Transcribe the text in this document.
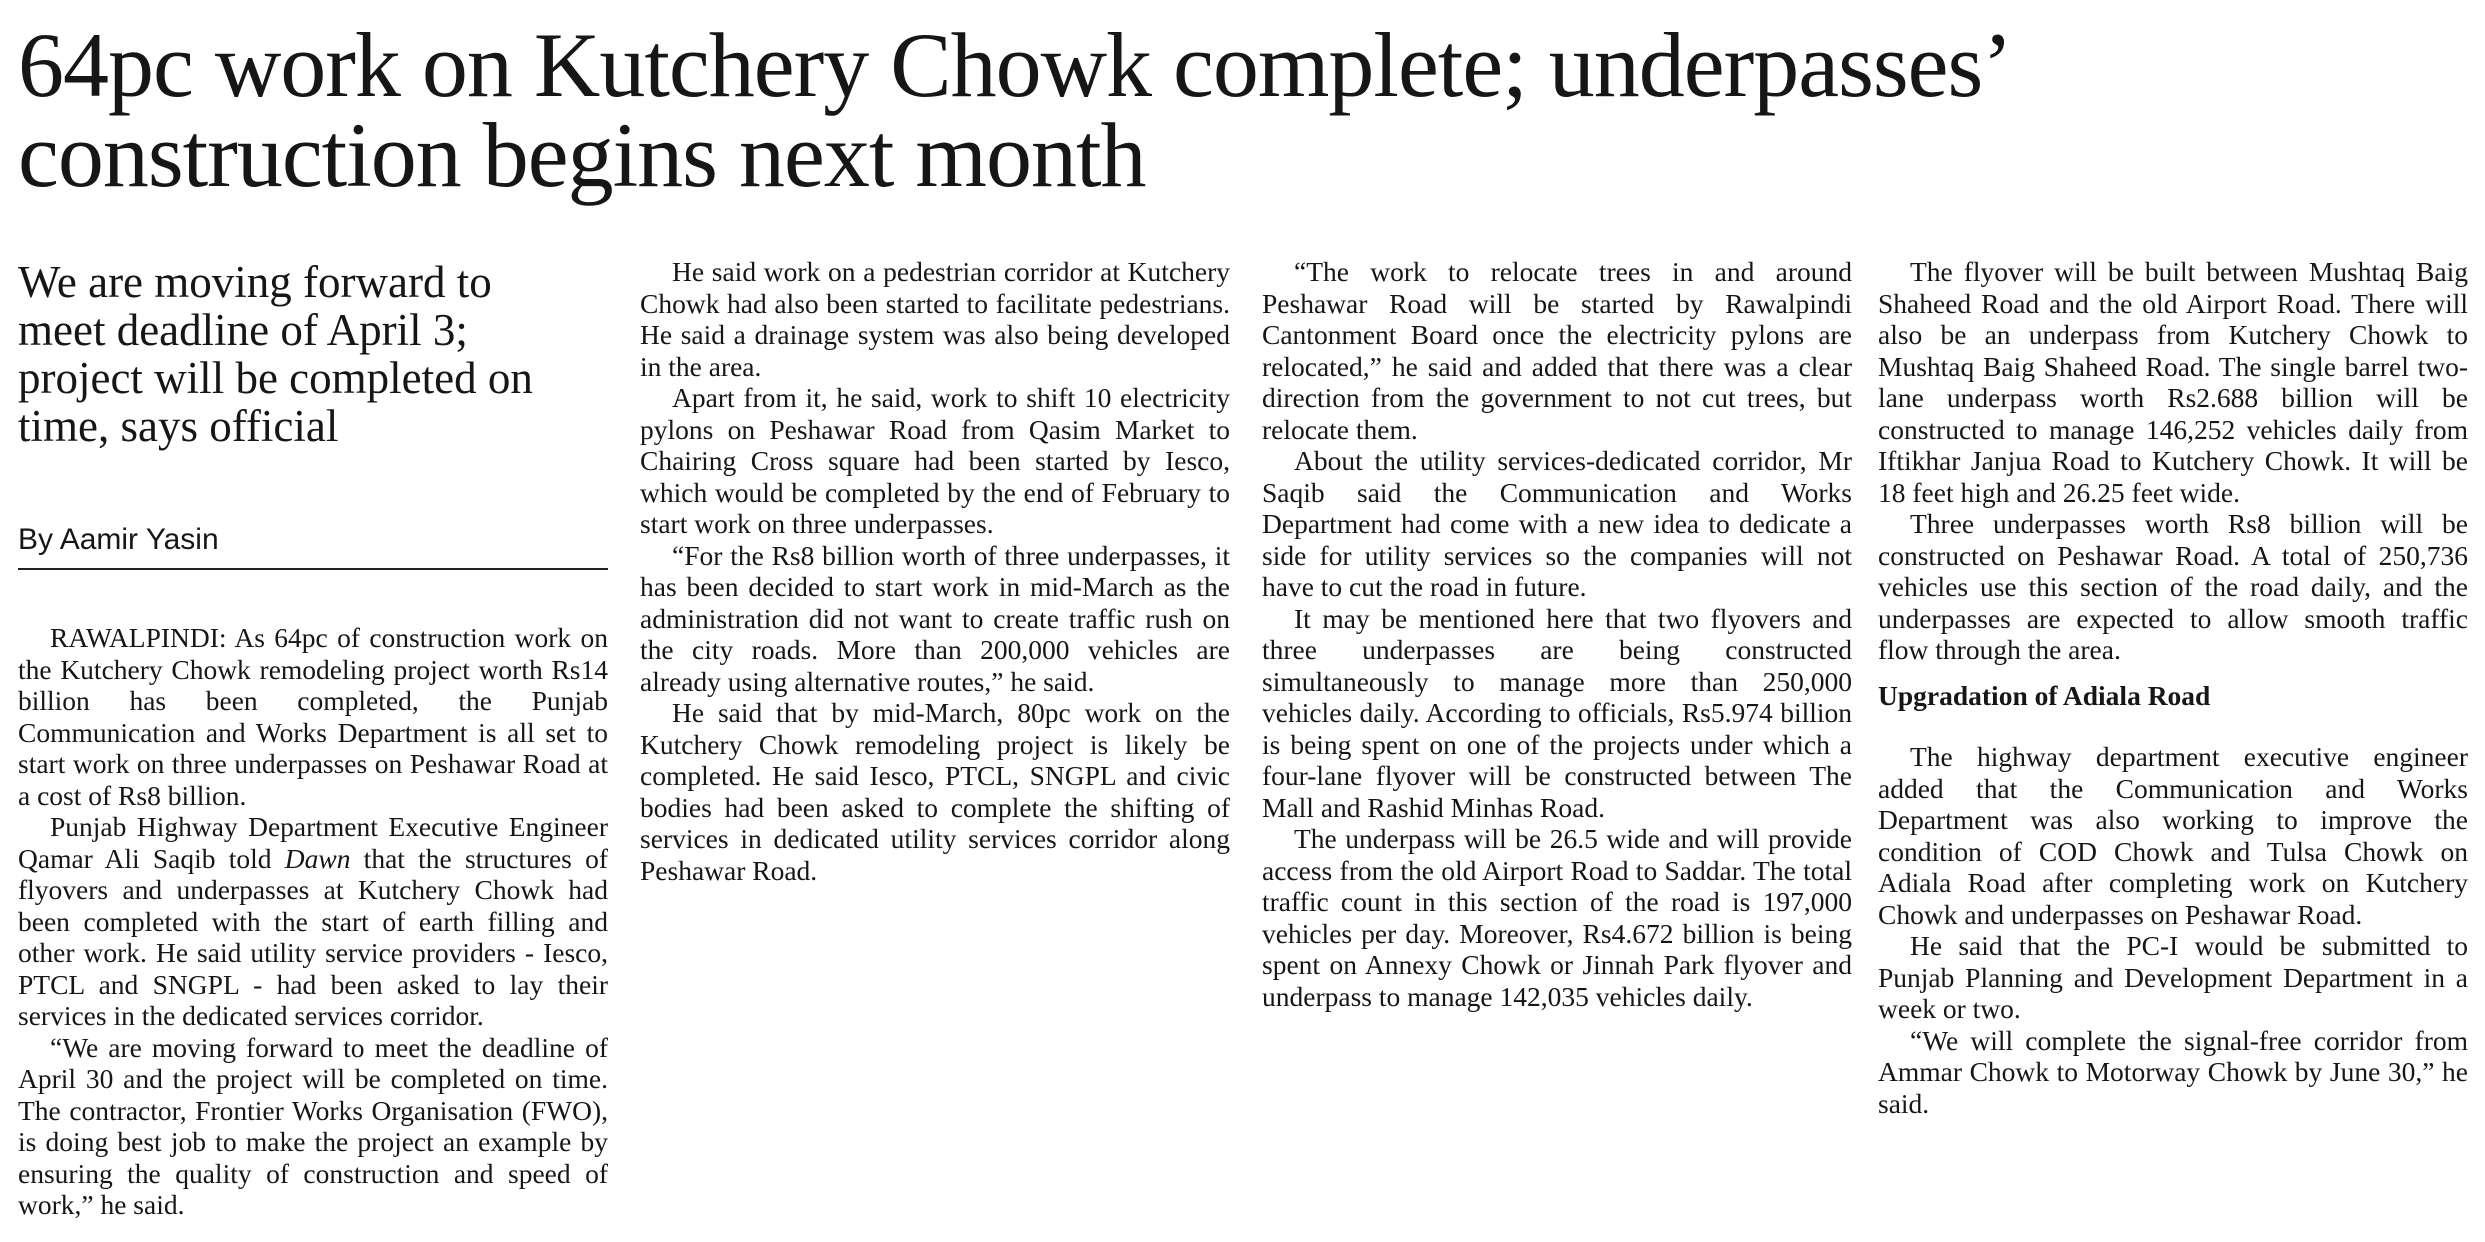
64pc work on Kutchery Chowk complete; underpasses’
construction begins next month
We are moving forward to meet deadline of April 3; project will be completed on time, says official
By Aamir Yasin

RAWALPINDI: As 64pc of construction work on the Kutchery Chowk remodeling project worth Rs14 billion has been completed, the Punjab Communication and Works Department is all set to start work on three underpasses on Peshawar Road at a cost of Rs8 billion.

Punjab Highway Department Executive Engineer Qamar Ali Saqib told Dawn that the structures of flyovers and underpasses at Kutchery Chowk had been completed with the start of earth filling and other work. He said utility service providers - Iesco, PTCL and SNGPL - had been asked to lay their services in the dedicated services corridor.

“We are moving forward to meet the deadline of April 30 and the project will be completed on time. The contractor, Frontier Works Organisation (FWO), is doing best job to make the project an example by ensuring the quality of construction and speed of work,” he said.

He said work on a pedestrian corridor at Kutchery Chowk had also been started to facilitate pedestrians. He said a drainage system was also being developed in the area.

Apart from it, he said, work to shift 10 electricity pylons on Peshawar Road from Qasim Market to Chairing Cross square had been started by Iesco, which would be completed by the end of February to start work on three underpasses.

“For the Rs8 billion worth of three underpasses, it has been decided to start work in mid-March as the administration did not want to create traffic rush on the city roads. More than 200,000 vehicles are already using alternative routes,” he said.

He said that by mid-March, 80pc work on the Kutchery Chowk remodeling project is likely be completed. He said Iesco, PTCL, SNGPL and civic bodies had been asked to complete the shifting of services in dedicated utility services corridor along Peshawar Road.

“The work to relocate trees in and around Peshawar Road will be started by Rawalpindi Cantonment Board once the electricity pylons are relocated,” he said and added that there was a clear direction from the government to not cut trees, but relocate them.

About the utility services-dedicated corridor, Mr Saqib said the Communication and Works Department had come with a new idea to dedicate a side for utility services so the companies will not have to cut the road in future.

It may be mentioned here that two flyovers and three underpasses are being constructed simultaneously to manage more than 250,000 vehicles daily. According to officials, Rs5.974 billion is being spent on one of the projects under which a four-lane flyover will be constructed between The Mall and Rashid Minhas Road.

The underpass will be 26.5 wide and will provide access from the old Airport Road to Saddar. The total traffic count in this section of the road is 197,000 vehicles per day. Moreover, Rs4.672 billion is being spent on Annexy Chowk or Jinnah Park flyover and underpass to manage 142,035 vehicles daily.

The flyover will be built between Mushtaq Baig Shaheed Road and the old Airport Road. There will also be an underpass from Kutchery Chowk to Mushtaq Baig Shaheed Road. The single barrel two-lane underpass worth Rs2.688 billion will be constructed to manage 146,252 vehicles daily from Iftikhar Janjua Road to Kutchery Chowk. It will be 18 feet high and 26.25 feet wide.

Three underpasses worth Rs8 billion will be constructed on Peshawar Road. A total of 250,736 vehicles use this section of the road daily, and the underpasses are expected to allow smooth traffic flow through the area.

Upgradation of Adiala Road

The highway department executive engineer added that the Communication and Works Department was also working to improve the condition of COD Chowk and Tulsa Chowk on Adiala Road after completing work on Kutchery Chowk and underpasses on Peshawar Road.

He said that the PC-I would be submitted to Punjab Planning and Development Department in a week or two.

“We will complete the signal-free corridor from Ammar Chowk to Motorway Chowk by June 30,” he said.
